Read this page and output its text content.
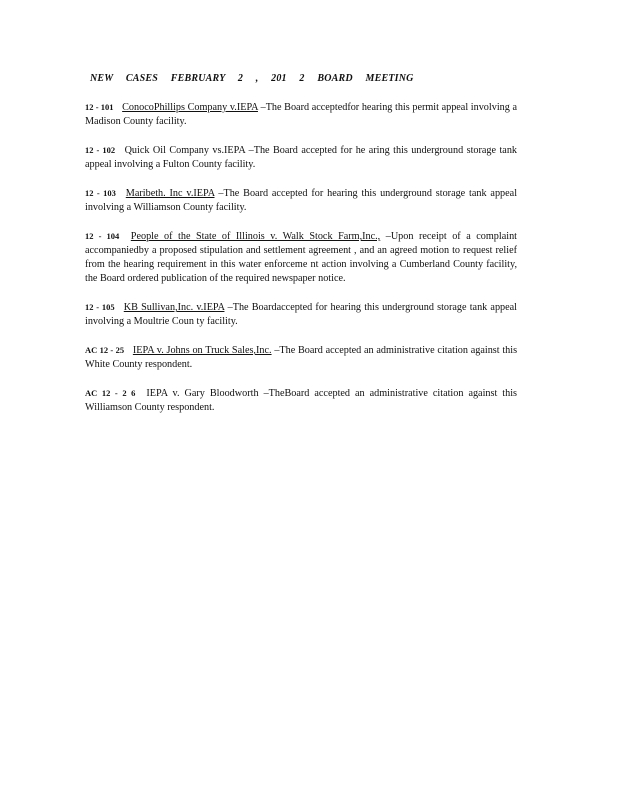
NEW CASES FEBRUARY 2 , 201 2 BOARD MEETING

12 - 101 ConocoPhillips Company v.IEPA –The Board acceptedfor hearing this permit appeal involving a Madison County facility.

12 - 102 Quick Oil Company vs.IEPA –The Board accepted for he aring this underground storage tank appeal involving a Fulton County facility.

12 - 103 Maribeth. Inc v.IEPA –The Board accepted for hearing this underground storage tank appeal involving a Williamson County facility.

12 - 104 People of the State of Illinois v. Walk Stock Farm,Inc., –Upon receipt of a complaint accompaniedby a proposed stipulation and settlement agreement , and an agreed motion to request relief from the hearing requirement in this water enforceme nt action involving a Cumberland County facility, the Board ordered publication of the required newspaper notice.

12 - 105 KB Sullivan,Inc. v.IEPA –The Boardaccepted for hearing this underground storage tank appeal involving a Moultrie Coun ty facility.

AC 12 - 25 IEPA v. Johns on Truck Sales,Inc. –The Board accepted an administrative citation against this White County respondent.

AC 12 - 2 6 IEPA v. Gary Bloodworth –TheBoard accepted an administrative citation against this Williamson County respondent.
